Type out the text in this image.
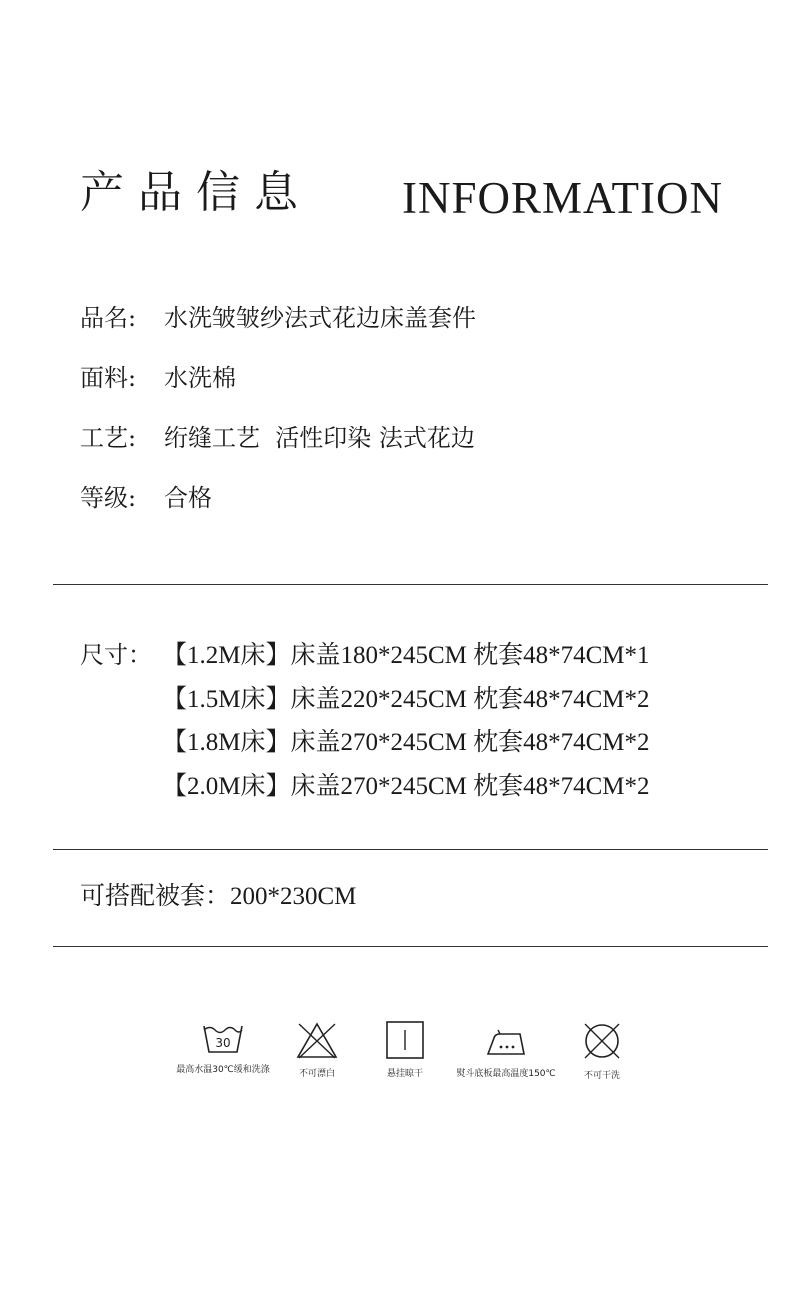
产品信息 INFORMATION
品名:	水洗皱皱纱法式花边床盖套件
面料:	水洗棉
工艺:	绗缝工艺  活性印染 法式花边
等级:	合格
尺寸： 【1.2M床】床盖180*245CM 枕套48*74CM*1
【1.5M床】床盖220*245CM 枕套48*74CM*2
【1.8M床】床盖270*245CM 枕套48*74CM*2
【2.0M床】床盖270*245CM 枕套48*74CM*2
可搭配被套：200*230CM
30
最高水温30℃缓和洗涤	不可漂白	悬挂晾干	熨斗底板最高温度150℃	不可干洗
